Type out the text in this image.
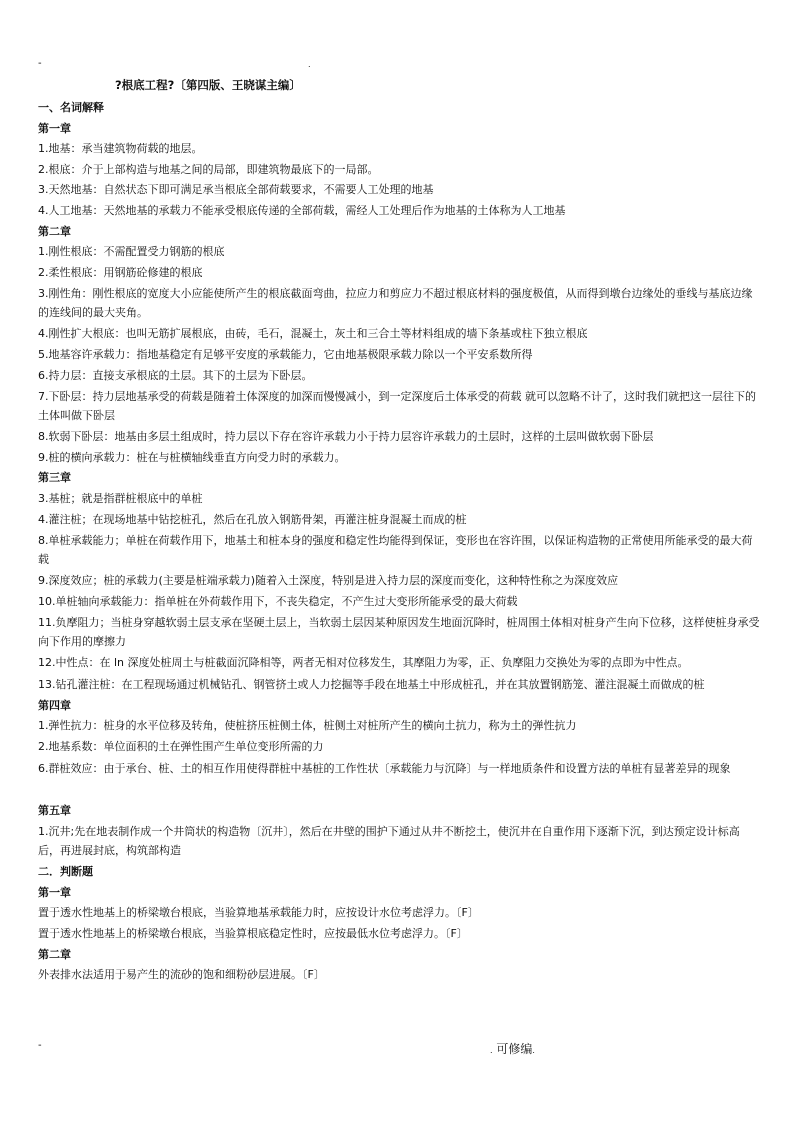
-	.
?根底工程?〔第四版、王晓谋主编〕
一、名词解释
第一章
1.地基：承当建筑物荷载的地层。
2.根底：介于上部构造与地基之间的局部，即建筑物最底下的一局部。
3.天然地基：自然状态下即可满足承当根底全部荷载要求，不需要人工处理的地基
4.人工地基：天然地基的承载力不能承受根底传递的全部荷载，需经人工处理后作为地基的土体称为人工地基
第二章
1.刚性根底：不需配置受力钢筋的根底
2.柔性根底：用钢筋砼修建的根底
3.刚性角：刚性根底的宽度大小应能使所产生的根底截面弯曲，拉应力和剪应力不超过根底材料的强度极值，从而得到墩台边缘处的垂线与基底边缘的连线间的最大夹角。
4.刚性扩大根底：也叫无筋扩展根底，由砖，毛石，混凝土，灰土和三合土等材料组成的墙下条基或柱下独立根底
5.地基容许承载力：指地基稳定有足够平安度的承载能力，它由地基极限承载力除以一个平安系数所得
6.持力层：直接支承根底的土层。其下的土层为下卧层。
7.下卧层：持力层地基承受的荷载是随着土体深度的加深而慢慢减小，到一定深度后土体承受的荷载 就可以忽略不计了，这时我们就把这一层往下的土体叫做下卧层
8.软弱下卧层：地基由多层土组成时，持力层以下存在容许承载力小于持力层容许承载力的土层时，这样的土层叫做软弱下卧层
9.桩的横向承载力：桩在与桩横轴线垂直方向受力时的承载力。
第三章
3.基桩；就是指群桩根底中的单桩
4.灌注桩；在现场地基中钻挖桩孔，然后在孔放入钢筋骨架，再灌注桩身混凝土而成的桩
8.单桩承载能力；单桩在荷载作用下，地基土和桩本身的强度和稳定性均能得到保证，变形也在容许围，以保证构造物的正常使用所能承受的最大荷载
9.深度效应；桩的承载力(主要是桩端承载力)随着入土深度，特别是进入持力层的深度而变化，这种特性称之为深度效应
10.单桩轴向承载能力：指单桩在外荷载作用下，不丧失稳定，不产生过大变形所能承受的最大荷载
11.负摩阻力；当桩身穿越软弱土层支承在坚硬土层上，当软弱土层因某种原因发生地面沉降时，桩周围土体相对桩身产生向下位移，这样使桩身承受向下作用的摩擦力
12.中性点：在 ln 深度处桩周土与桩截面沉降相等，两者无相对位移发生，其摩阻力为零，正、负摩阻力交换处为零的点即为中性点。
13.钻孔灌注桩：在工程现场通过机械钻孔、钢管挤土或人力挖掘等手段在地基土中形成桩孔，并在其放置钢筋笼、灌注混凝土而做成的桩
第四章
1.弹性抗力：桩身的水平位移及转角，使桩挤压桩侧土体，桩侧土对桩所产生的横向土抗力，称为土的弹性抗力
2.地基系数：单位面积的土在弹性围产生单位变形所需的力
6.群桩效应：由于承台、桩、土的相互作用使得群桩中基桩的工作性状〔承载能力与沉降〕与一样地质条件和设置方法的单桩有显著差异的现象
第五章
1.沉井;先在地表制作成一个井筒状的构造物〔沉井〕，然后在井壁的围护下通过从井不断挖土，使沉井在自重作用下逐渐下沉，到达预定设计标高后，再进展封底，构筑部构造
二．判断题
第一章
置于透水性地基上的桥梁墩台根底，当验算地基承载能力时，应按设计水位考虑浮力。〔F〕
置于透水性地基上的桥梁墩台根底，当验算根底稳定性时，应按最低水位考虑浮力。〔F〕
第二章
外表排水法适用于易产生的流砂的饱和细粉砂层进展。〔F〕
-	. 可修编.
